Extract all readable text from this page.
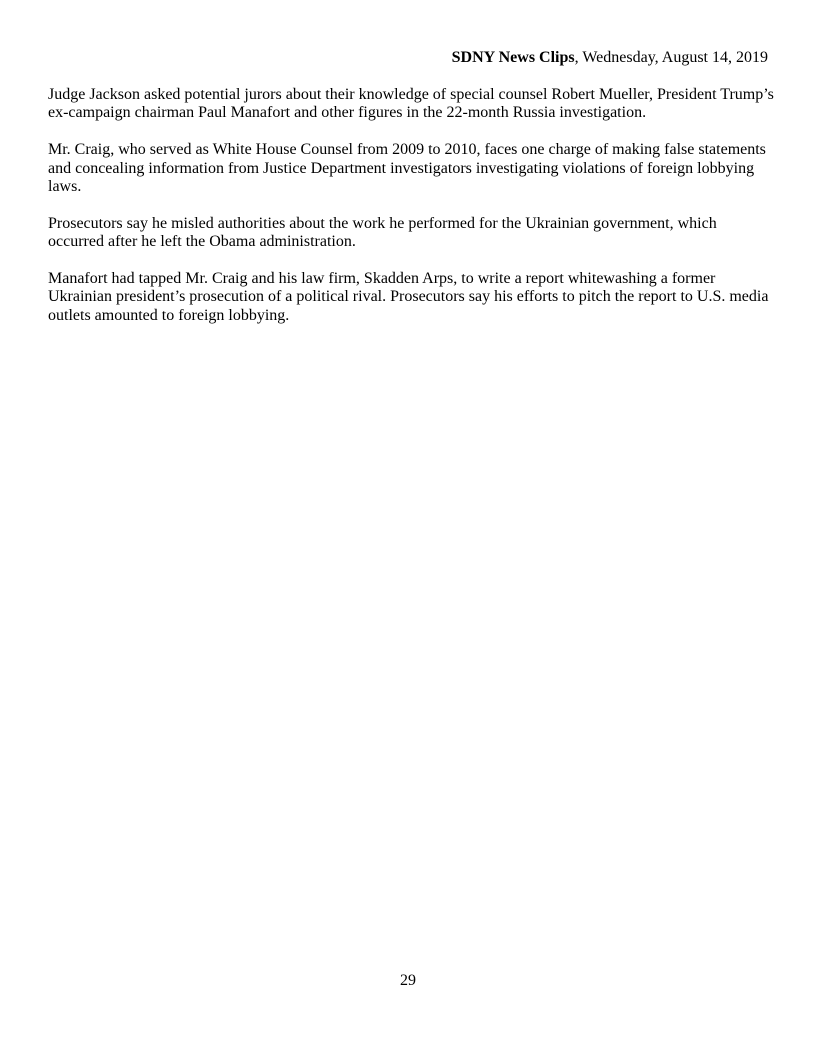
SDNY News Clips, Wednesday, August 14, 2019

Judge Jackson asked potential jurors about their knowledge of special counsel Robert Mueller, President Trump’s ex-campaign chairman Paul Manafort and other figures in the 22-month Russia investigation.

Mr. Craig, who served as White House Counsel from 2009 to 2010, faces one charge of making false statements and concealing information from Justice Department investigators investigating violations of foreign lobbying laws.

Prosecutors say he misled authorities about the work he performed for the Ukrainian government, which occurred after he left the Obama administration.

Manafort had tapped Mr. Craig and his law firm, Skadden Arps, to write a report whitewashing a former Ukrainian president’s prosecution of a political rival. Prosecutors say his efforts to pitch the report to U.S. media outlets amounted to foreign lobbying.

29
